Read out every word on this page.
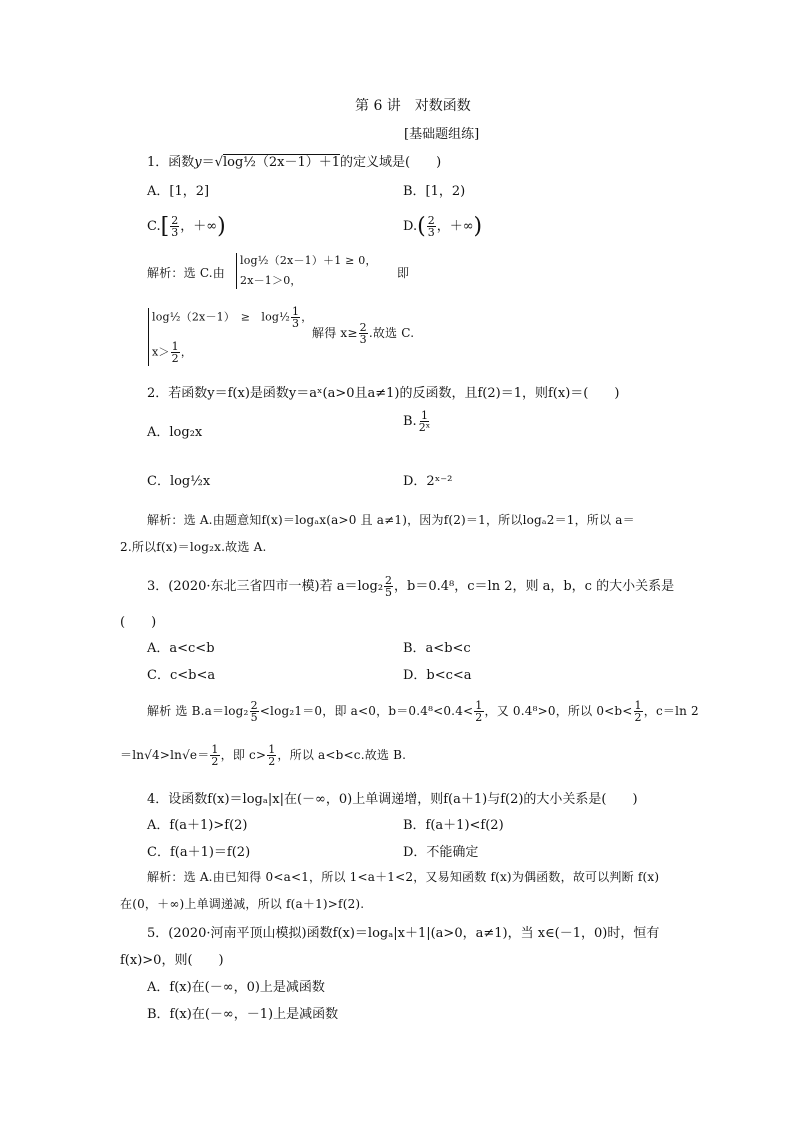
第 6 讲　对数函数
[基础题组练]
1．函数y＝√log½（2x－1）＋1的定义域是(　　)
A．[1，2]	B．[1，2)
$C.[ \frac{2}{3}$ ，＋∞)	$D.( \frac{2}{3}$ ，＋∞)
解析：选 C.由
log½（2x－1）＋1 ≥ 0，
2x－1＞0，
即
log½（2x－1）　≥　log½ $\frac{1}{3}$ ，
$x> \frac{1}{2}$ ，
解得 $x\ge \frac{2}{3}$ .故选 C.
2．若函数y＝f(x)是函数y＝aˣ(a>0且a≠1)的反函数，且f(2)＝1，则f(x)＝(　　)
A．log₂x
B. $\frac{1}{\text{2ˣ}}$
C．log½x	D．2ˣ⁻²
解析：选 A.由题意知f(x)＝logₐx(a>0 且 a≠1)，因为f(2)＝1，所以logₐ2＝1，所以 a＝
2.所以f(x)＝log₂x.故选 A.
3．(2020·东北三省四市一模)若 $a=\log_2 \frac{2}{5}$ ，b＝0.4⁸，c＝ln 2，则 a，b，c 的大小关系是
(　　)
A．a<c<b	B．a<b<c
C．c<b<a	D．b<c<a
解析 选 $B.a=\log_2 \frac{2}{5} <\log_21=0$，即 a<0，$b=0.4^8<0.4< \frac{1}{2}$ ，又 0.4⁸>0，所以 $0<b< \frac{1}{2}$ ，c＝ln 2
$=\ln√4>\ln√e= \frac{1}{2}$ ，即 $c> \frac{1}{2}$ ，所以 a<b<c.故选 B.
4．设函数f(x)＝logₐ|x|在(－∞，0)上单调递增，则f(a＋1)与f(2)的大小关系是(　　)
A．f(a＋1)>f(2)	B．f(a＋1)<f(2)
C．f(a＋1)＝f(2)	D．不能确定
解析：选 A.由已知得 0<a<1，所以 1<a＋1<2，又易知函数 f(x)为偶函数，故可以判断 f(x)
在(0，＋∞)上单调递减，所以 f(a＋1)>f(2).
5．(2020·河南平顶山模拟)函数f(x)＝logₐ|x＋1|(a>0，a≠1)，当 x∈(－1，0)时，恒有
f(x)>0，则(　　)
A．f(x)在(－∞，0)上是减函数
B．f(x)在(－∞，－1)上是减函数
